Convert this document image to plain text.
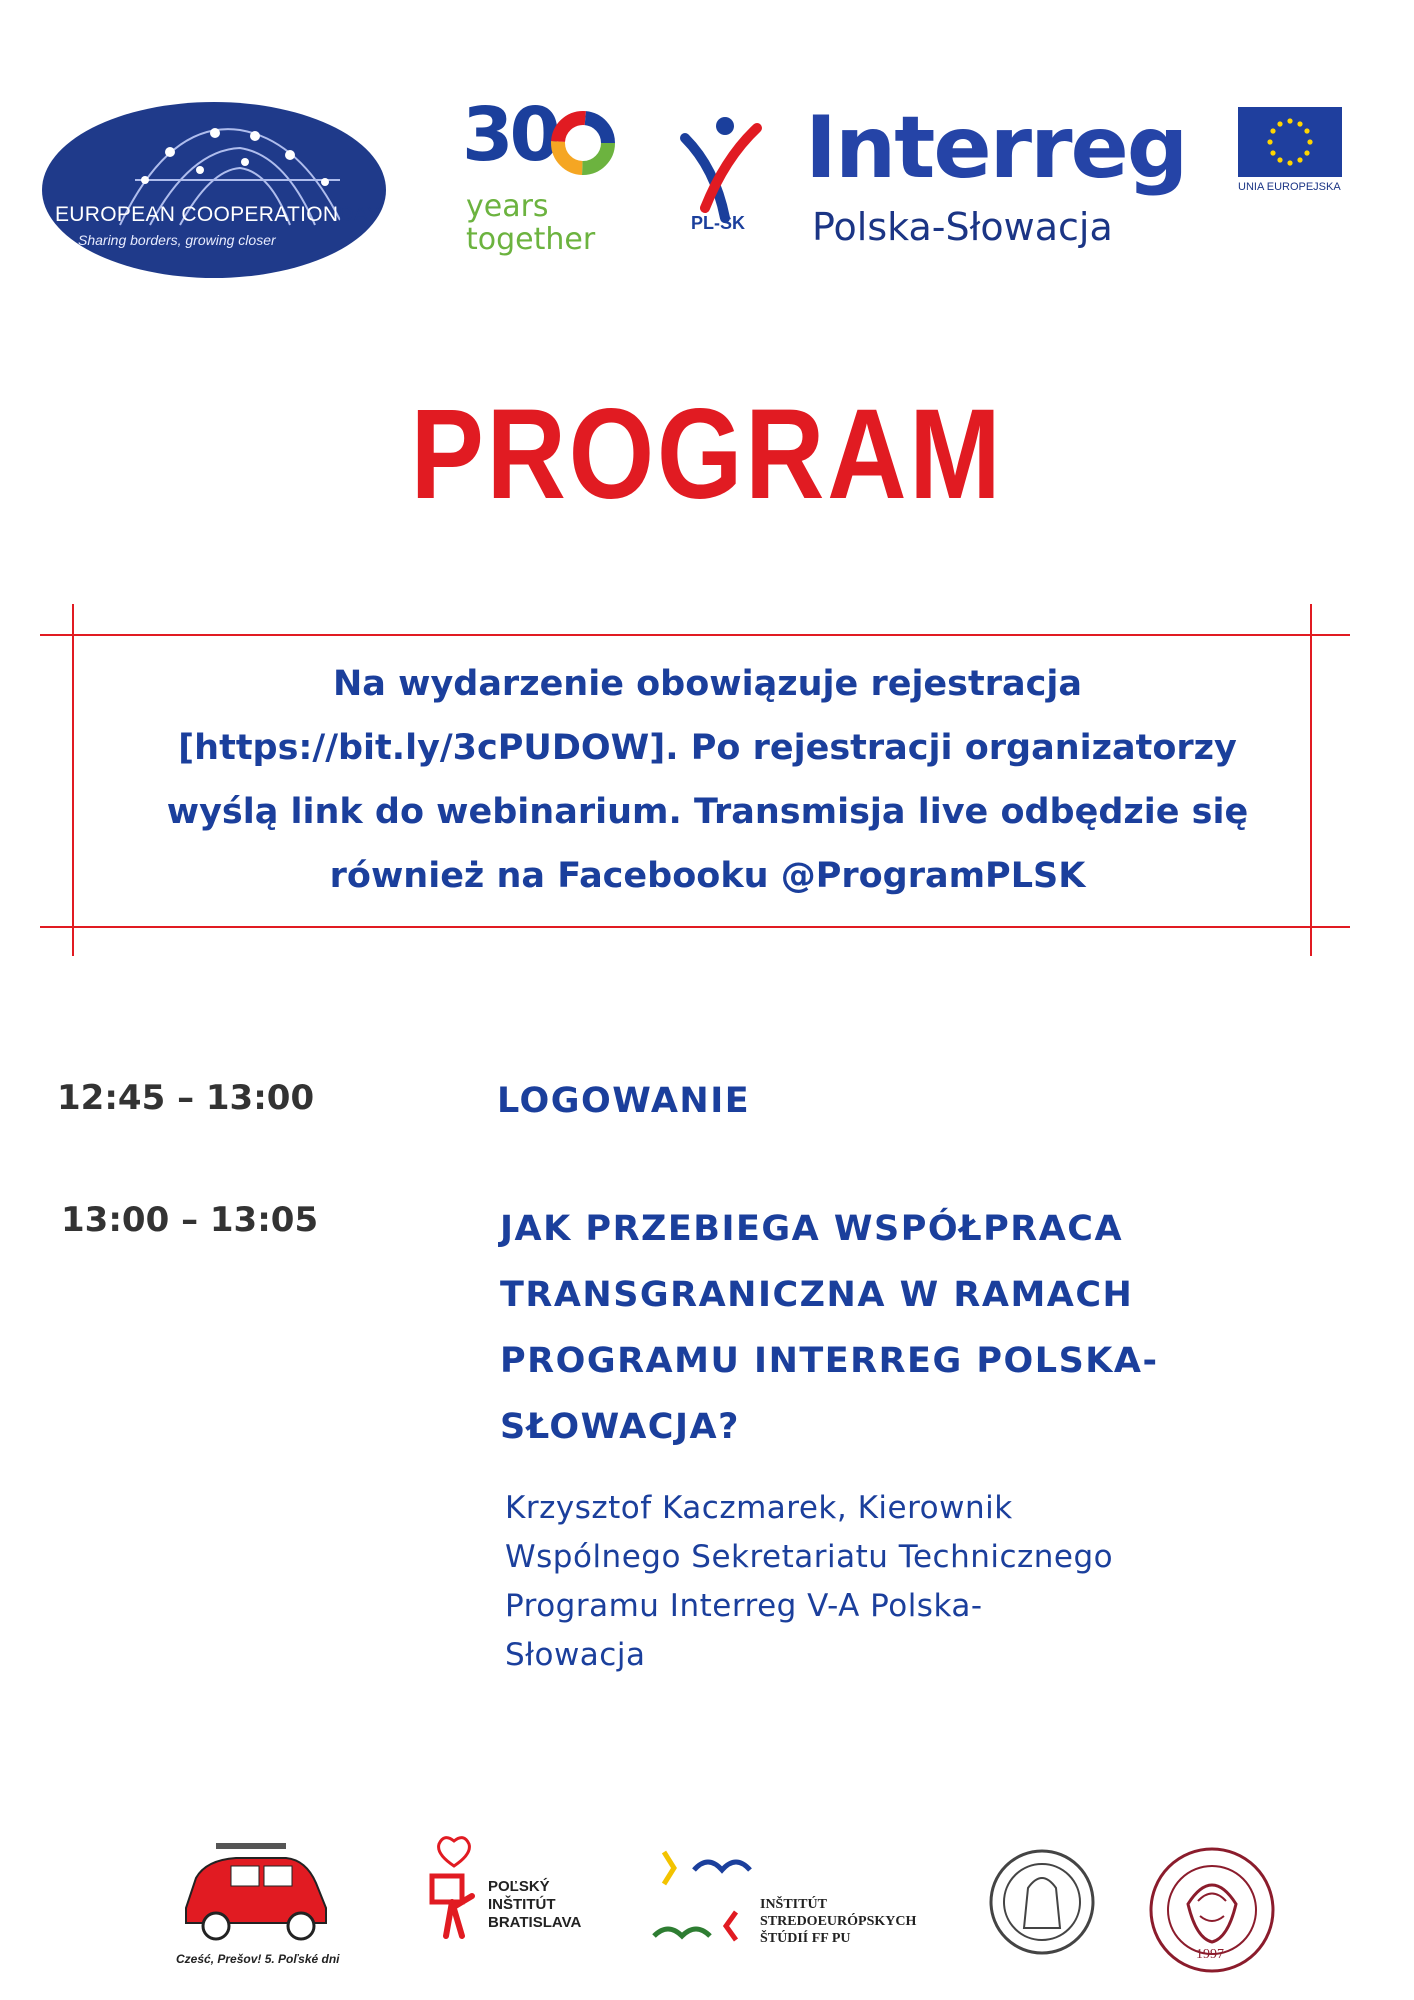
EUROPEAN COOPERATIONDAY
Sharing borders, growing closer
30
years
together	PL-SK
Interreg
Polska-Słowacja
UNIA EUROPEJSKA
PROGRAM
Na wydarzenie obowiązuje rejestracja
[https://bit.ly/3cPUDOW]. Po rejestracji organizatorzy
wyślą link do webinarium. Transmisja live odbędzie się
również na Facebooku @ProgramPLSK
12:45 – 13:00	LOGOWANIE
13:00 – 13:05	JAK PRZEBIEGA WSPÓŁPRACA
TRANSGRANICZNA W RAMACH
PROGRAMU INTERREG POLSKA-
SŁOWACJA?
Krzysztof Kaczmarek, Kierownik
Wspólnego Sekretariatu Technicznego
Programu Interreg V-A Polska-
Słowacja
Cześć, Prešov! 5. Poľské dni
POĽSKÝ
INŠTITÚT
BRATISLAVA
INŠTITÚT
STREDOEURÓPSKYCH
ŠTÚDIÍ FF PU
1997
